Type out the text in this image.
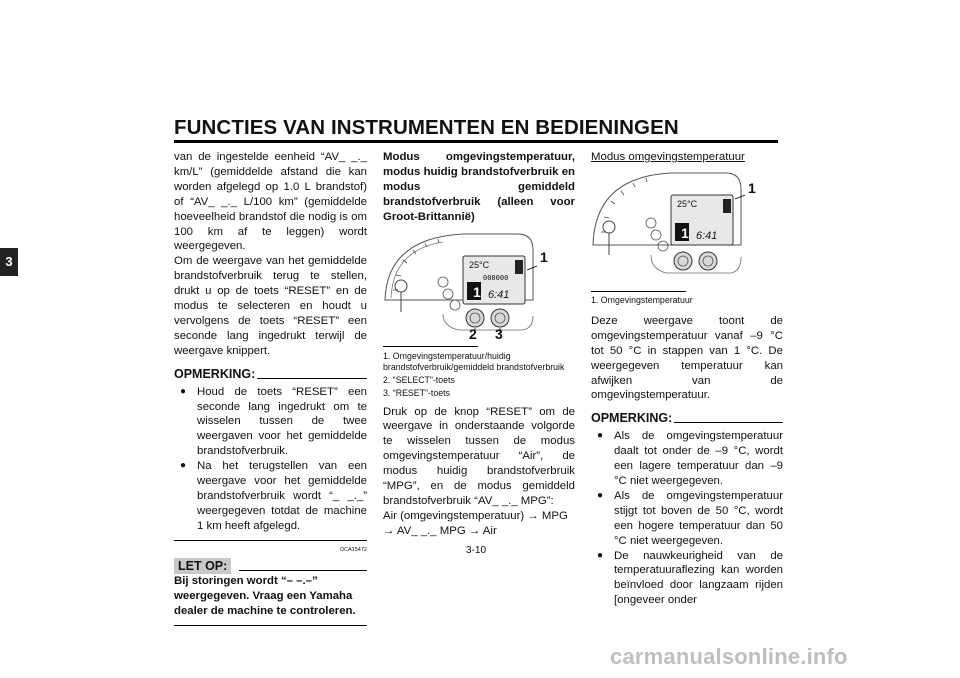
FUNCTIES VAN INSTRUMENTEN EN BEDIENINGEN
3

van de ingestelde eenheid “AV_ _._ km/L” (gemiddelde afstand die kan worden afgelegd op 1.0 L brandstof) of “AV_ _._ L/100 km” (gemiddelde hoeveelheid brandstof die nodig is om 100 km af te leggen) wordt weergegeven.

Om de weergave van het gemiddelde brandstofverbruik terug te stellen, drukt u op de toets “RESET” en de modus te selecteren en houdt u vervolgens de toets “RESET” een seconde lang ingedrukt terwijl de weergave knippert.

OPMERKING:
● Houd de toets “RESET” een seconde lang ingedrukt om te wisselen tussen de twee weergaven voor het gemiddelde brandstofverbruik.
● Na het terugstellen van een weergave voor het gemiddelde brandstofverbruik wordt “_ _._” weergegeven totdat de machine 1 km heeft afgelegd.
DCA15472
LET OP:

Bij storingen wordt “– –.–” weergegeven. Vraag een Yamaha dealer de machine te controleren.

Modus omgevingstemperatuur, modus huidig brandstofverbruik en modus gemiddeld brandstofverbruik (alleen voor Groot-Brittannië)

1
25°C
000000
6:41
1
2 3

1. Omgevingstemperatuur/huidig brandstofverbruik/gemiddeld brandstofverbruik

2. “SELECT”-toets

3. “RESET”-toets

Druk op de knop “RESET” om de weergave in onderstaande volgorde te wisselen tussen de modus omgevingstemperatuur “Air”, de modus huidig brandstofverbruik “MPG”, en de modus gemiddeld brandstofverbruik “AV_ _._ MPG”:

Air (omgevingstemperatuur) → MPG → AV_ _._ MPG → Air

Modus omgevingstemperatuur

1
25°C
6:41
1

1. Omgevingstemperatuur

Deze weergave toont de omgevingstemperatuur vanaf –9 °C tot 50 °C in stappen van 1 °C. De weergegeven temperatuur kan afwijken van de omgevingstemperatuur.

OPMERKING:
● Als de omgevingstemperatuur daalt tot onder de –9 °C, wordt een lagere temperatuur dan –9 °C niet weergegeven.
● Als de omgevingstemperatuur stijgt tot boven de 50 °C, wordt een hogere temperatuur dan 50 °C niet weergegeven.
● De nauwkeurigheid van de temperatuuraflezing kan worden beïnvloed door langzaam rijden [ongeveer onder
3-10
carmanualsonline.info
